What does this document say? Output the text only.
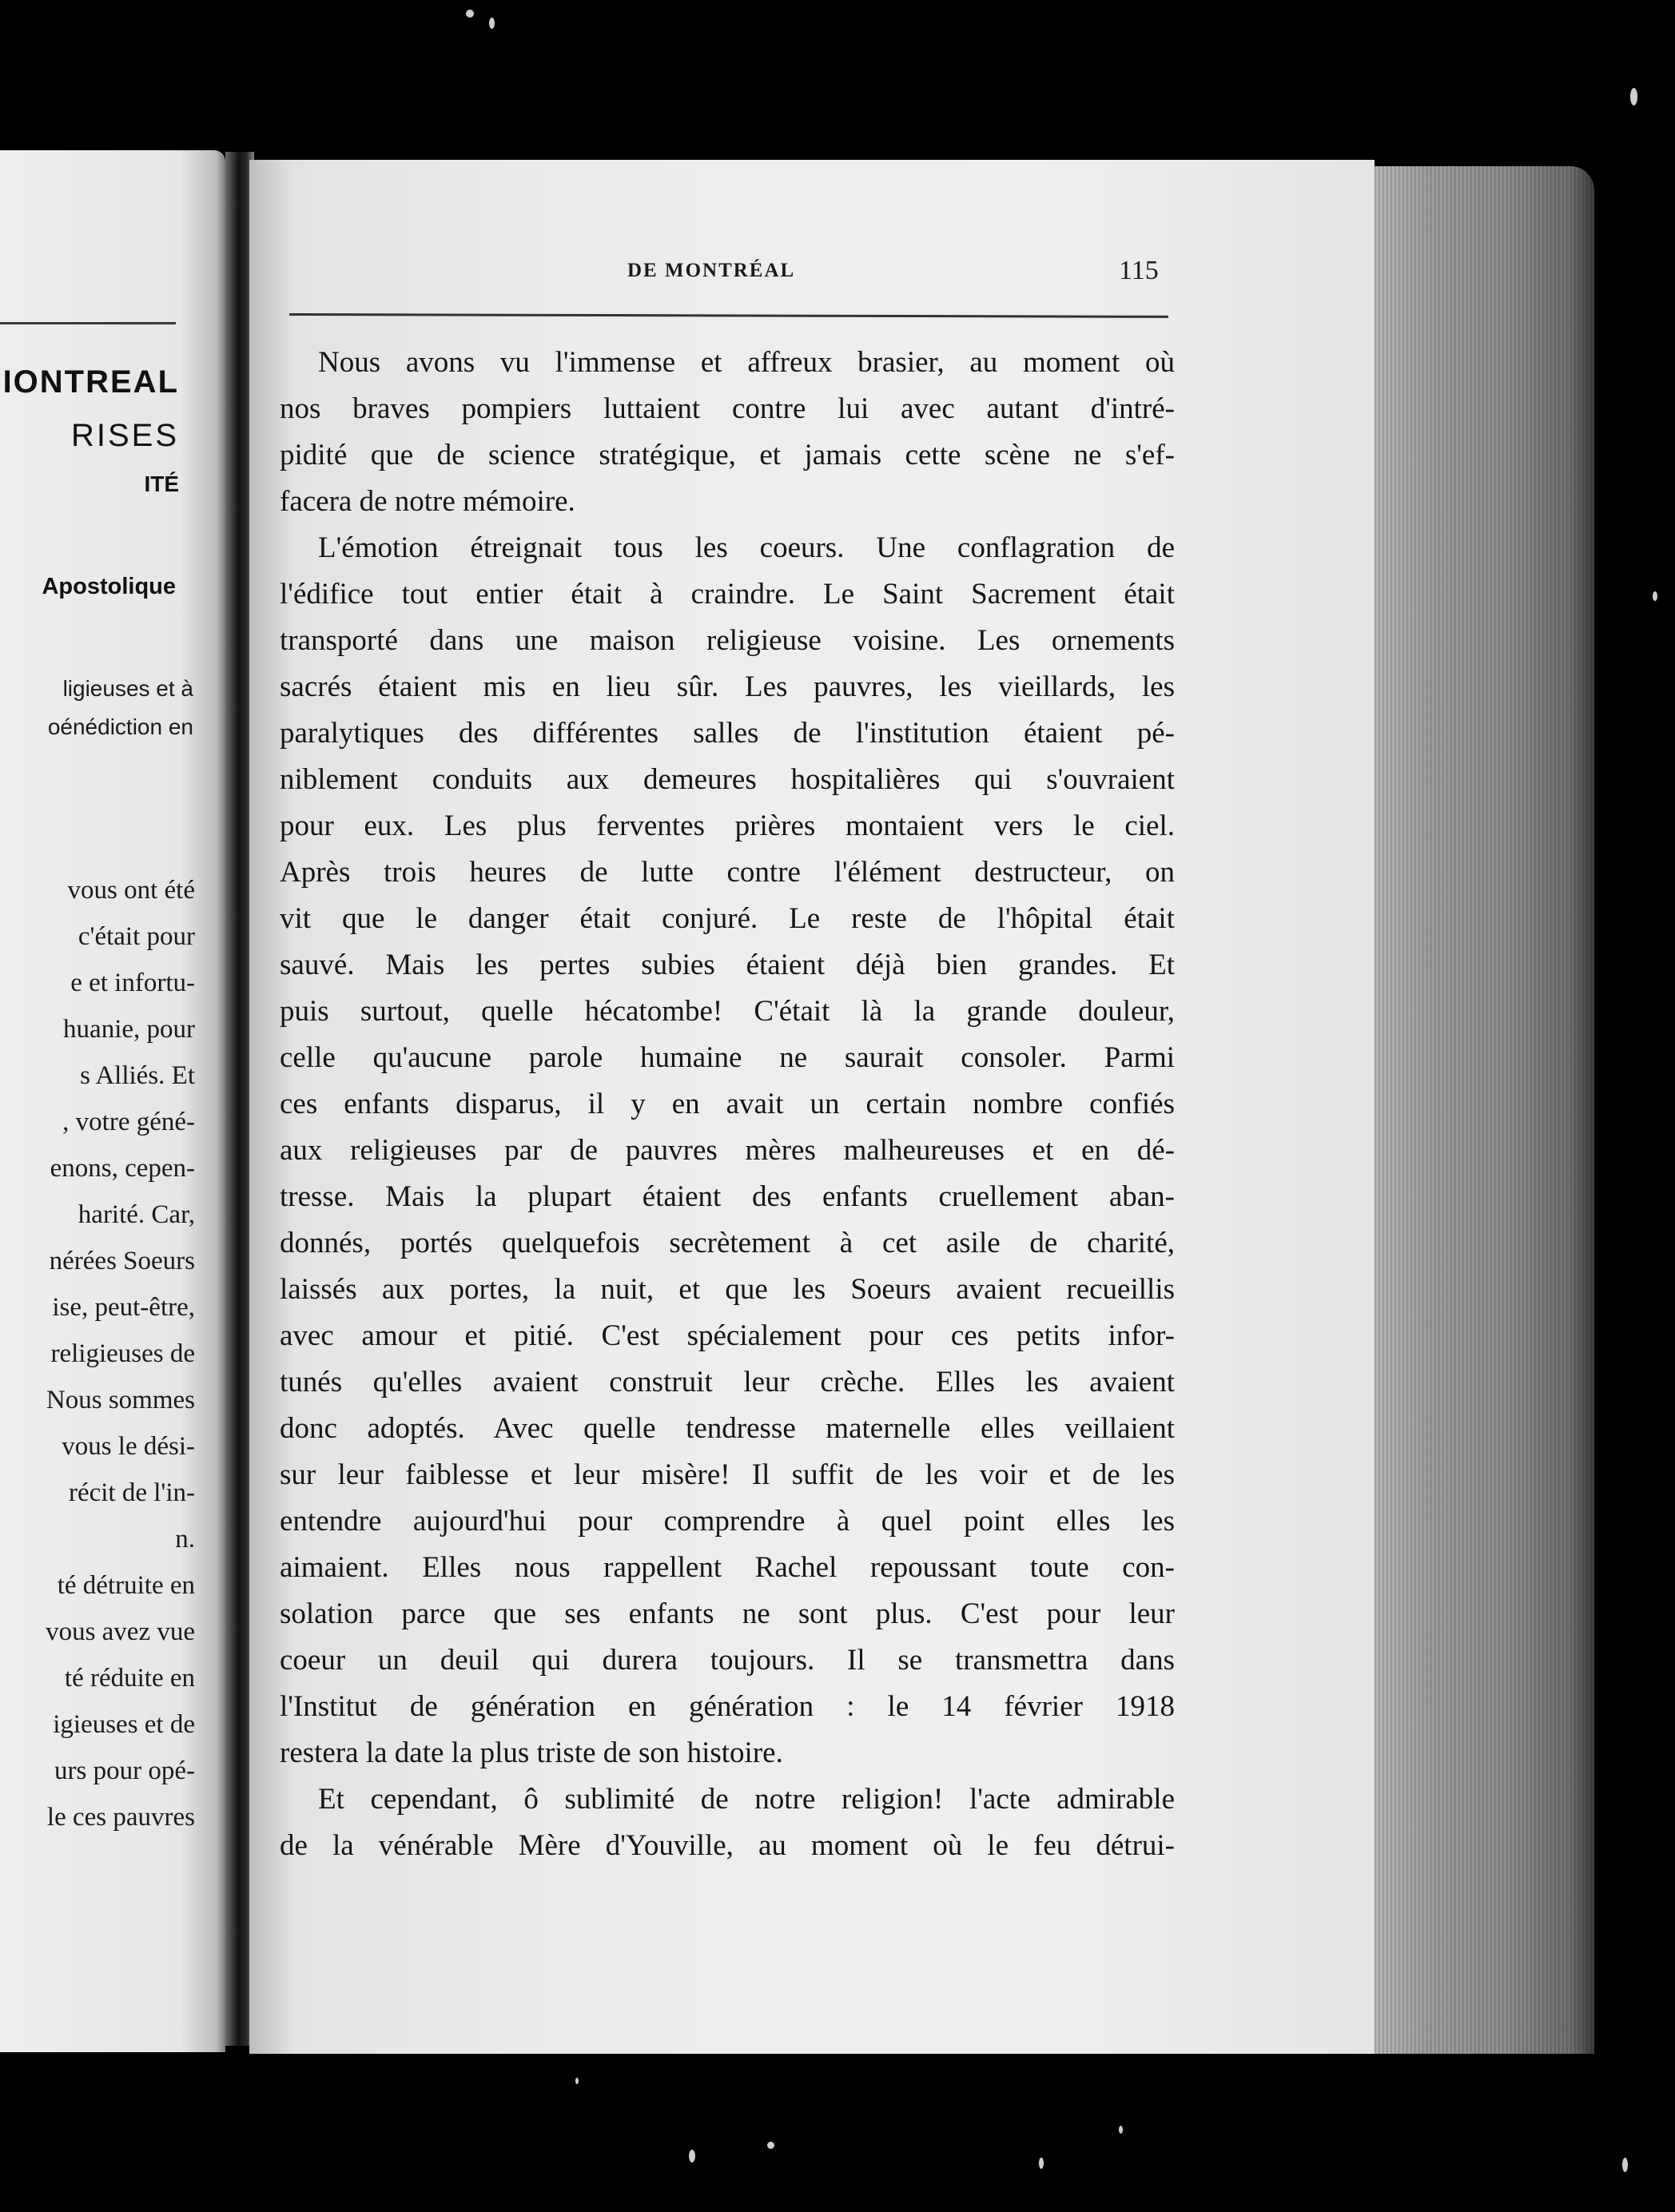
IONTREAL
RISES
ITÉ
Apostolique
ligieuses et à
oénédiction en
vous ont été
c'était pour
e et infortu-
huanie, pour
s Alliés. Et
, votre géné-
enons, cepen-
harité. Car,
nérées Soeurs
ise, peut-être,
religieuses de
Nous sommes
vous le dési-
récit de l'in-
n.
té détruite en
vous avez vue
té réduite en
igieuses et de
urs pour opé-
le ces pauvres
DE MONTRÉAL	115
Nous avons vu l'immense et affreux brasier, au moment où
nos braves pompiers luttaient contre lui avec autant d'intré-
pidité que de science stratégique, et jamais cette scène ne s'ef-
facera de notre mémoire.
L'émotion étreignait tous les coeurs. Une conflagration de
l'édifice tout entier était à craindre. Le Saint Sacrement était
transporté dans une maison religieuse voisine. Les ornements
sacrés étaient mis en lieu sûr. Les pauvres, les vieillards, les
paralytiques des différentes salles de l'institution étaient pé-
niblement conduits aux demeures hospitalières qui s'ouvraient
pour eux. Les plus ferventes prières montaient vers le ciel.
Après trois heures de lutte contre l'élément destructeur, on
vit que le danger était conjuré. Le reste de l'hôpital était
sauvé. Mais les pertes subies étaient déjà bien grandes. Et
puis surtout, quelle hécatombe! C'était là la grande douleur,
celle qu'aucune parole humaine ne saurait consoler. Parmi
ces enfants disparus, il y en avait un certain nombre confiés
aux religieuses par de pauvres mères malheureuses et en dé-
tresse. Mais la plupart étaient des enfants cruellement aban-
donnés, portés quelquefois secrètement à cet asile de charité,
laissés aux portes, la nuit, et que les Soeurs avaient recueillis
avec amour et pitié. C'est spécialement pour ces petits infor-
tunés qu'elles avaient construit leur crèche. Elles les avaient
donc adoptés. Avec quelle tendresse maternelle elles veillaient
sur leur faiblesse et leur misère! Il suffit de les voir et de les
entendre aujourd'hui pour comprendre à quel point elles les
aimaient. Elles nous rappellent Rachel repoussant toute con-
solation parce que ses enfants ne sont plus. C'est pour leur
coeur un deuil qui durera toujours. Il se transmettra dans
l'Institut de génération en génération : le 14 février 1918
restera la date la plus triste de son histoire.
Et cependant, ô sublimité de notre religion! l'acte admirable
de la vénérable Mère d'Youville, au moment où le feu détrui-
